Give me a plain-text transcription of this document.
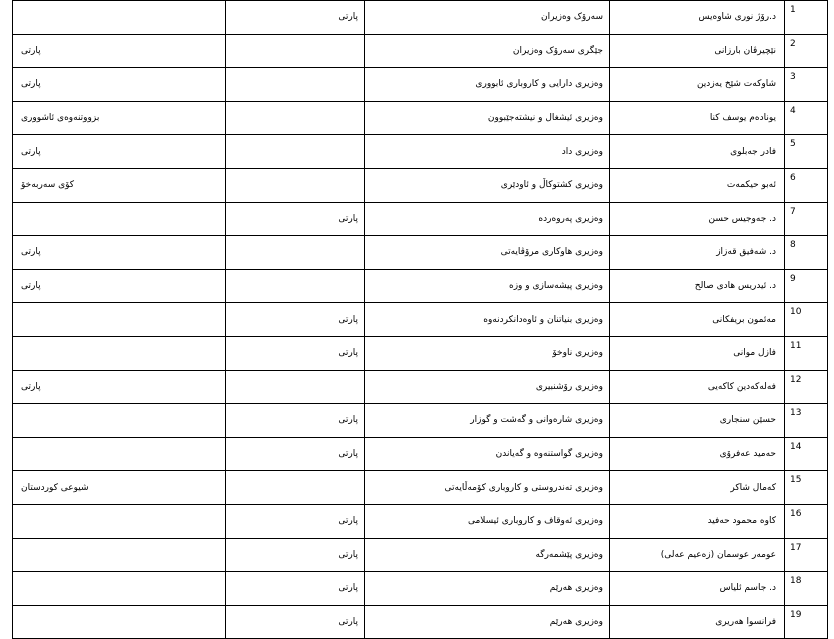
	پارتی	سەرۆک وەزیران	د.رۆژ نوری شاوەیس	1
پارتی		جێگری سەرۆک وەزیران	نێچیرڤان بارزانی	2
پارتی		وەزیری دارایی و کاروباری ئابووری	شاوکەت شێخ یەزدین	3
بزووتنەوەی ئاشووری		وەزیری ئیشغال و نیشتەجێبوون	یونادەم یوسف کنا	4
پارتی		وەزیری داد	فادر جەبلوی	5
کۆی سەربەخۆ		وەزیری کشتوکاڵ و ئاودێری	ئەبو حیکمەت	6
	پارتی	وەزیری پەروەردە	د. جەوجیس حسن	7
پارتی		وەزیری هاوکاری مرۆڤایەتی	د. شەفیق قەزاز	8
پارتی		وەزیری پیشەسازی و وزە	د. ئیدریس هادی صالح	9
	پارتی	وەزیری بنیاتنان و ئاوەدانکردنەوە	مەئمون بریفکانی	10
	پارتی	وەزیری ناوخۆ	فازل موانی	11
پارتی		وەزیری رۆشنبیری	فەلەکەدین کاکەیی	12
	پارتی	وەزیری شارەوانی و گەشت و گوزار	حسێن سنجاری	13
	پارتی	وەزیری گواستنەوە و گەیاندن	حەمید عەفرۆی	14
شیوعی کوردستان		وەزیری تەندروستی و کاروباری کۆمەڵایەتی	کەمال شاکر	15
	پارتی	وەزیری ئەوقاف و کاروباری ئیسلامی	کاوە محمود حەفید	16
	پارتی	وەزیری پێشمەرگە	عومەر عوسمان (زەعیم عەلی)	17
	پارتی	وەزیری هەرێم	د. جاسم ئلیاس	18
	پارتی	وەزیری هەرێم	فرانسوا هەریری	19
